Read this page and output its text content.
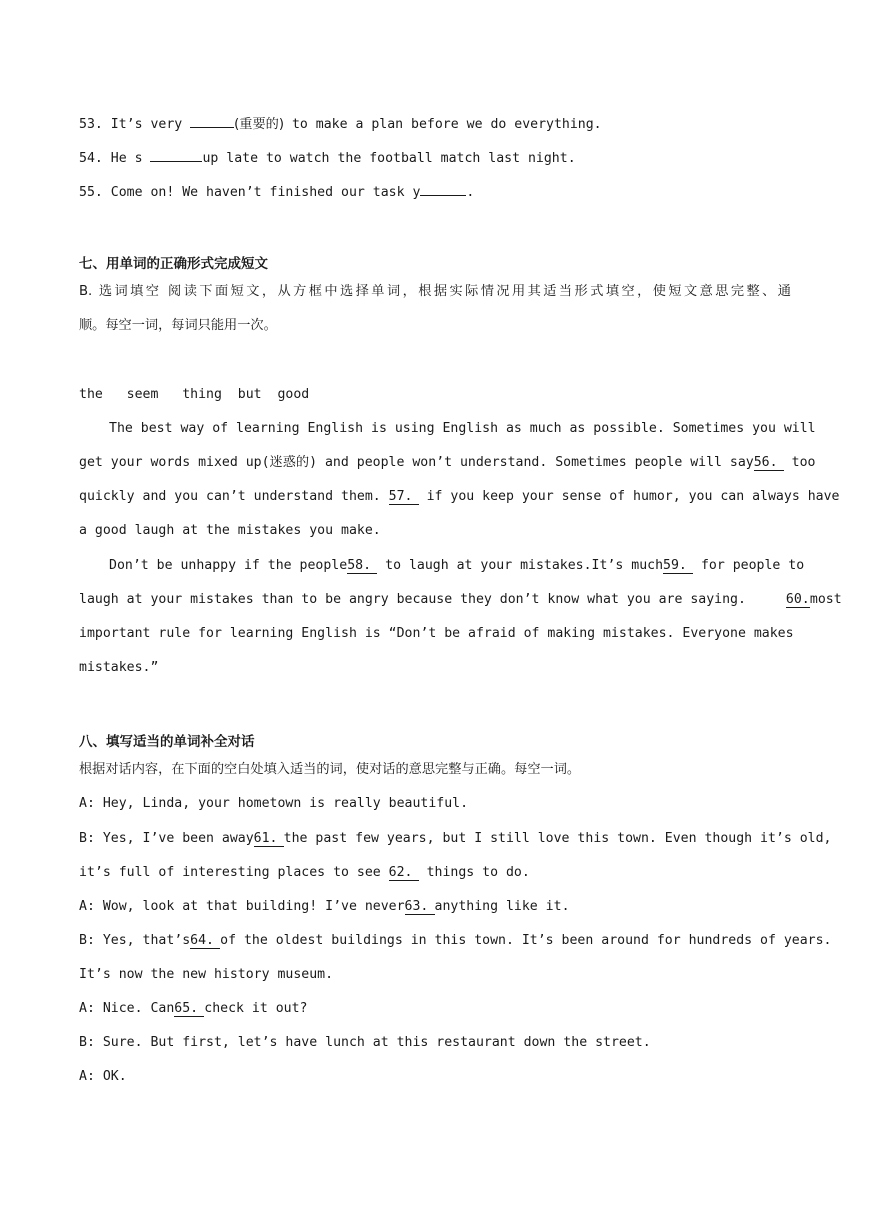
53. It’s very	(重要的) to make a plan before we do everything.
54. He s	up late to watch the football match last night.
55. Come on! We haven’t finished our task y	.
七、用单词的正确形式完成短文
B. 选词填空 阅读下面短文，从方框中选择单词，根据实际情况用其适当形式填空，使短文意思完整、通
顺。每空一词，每词只能用一次。
the   seem   thing  but  good
The best way of learning English is using English as much as possible. Sometimes you will
get your words mixed up(迷惑的) and people won’t understand. Sometimes people will say56. too
quickly and you can’t understand them. 57. if you keep your sense of humor, you can always have
a good laugh at the mistakes you make.
Don’t be unhappy if the people58. to laugh at your mistakes.It’s much59. for people to
laugh at your mistakes than to be angry because they don’t know what you are saying.	60.most
important rule for learning English is “Don’t be afraid of making mistakes. Everyone makes
mistakes.”
八、填写适当的单词补全对话
根据对话内容，在下面的空白处填入适当的词，使对话的意思完整与正确。每空一词。
A: Hey, Linda, your hometown is really beautiful.
B: Yes, I’ve been away61. the past few years, but I still love this town. Even though it’s old,
it’s full of interesting places to see 62. things to do.
A: Wow, look at that building! I’ve never63. anything like it.
B: Yes, that’s64. of the oldest buildings in this town. It’s been around for hundreds of years.
It’s now the new history museum.
A: Nice. Can65. check it out?
B: Sure. But first, let’s have lunch at this restaurant down the street.
A: OK.
